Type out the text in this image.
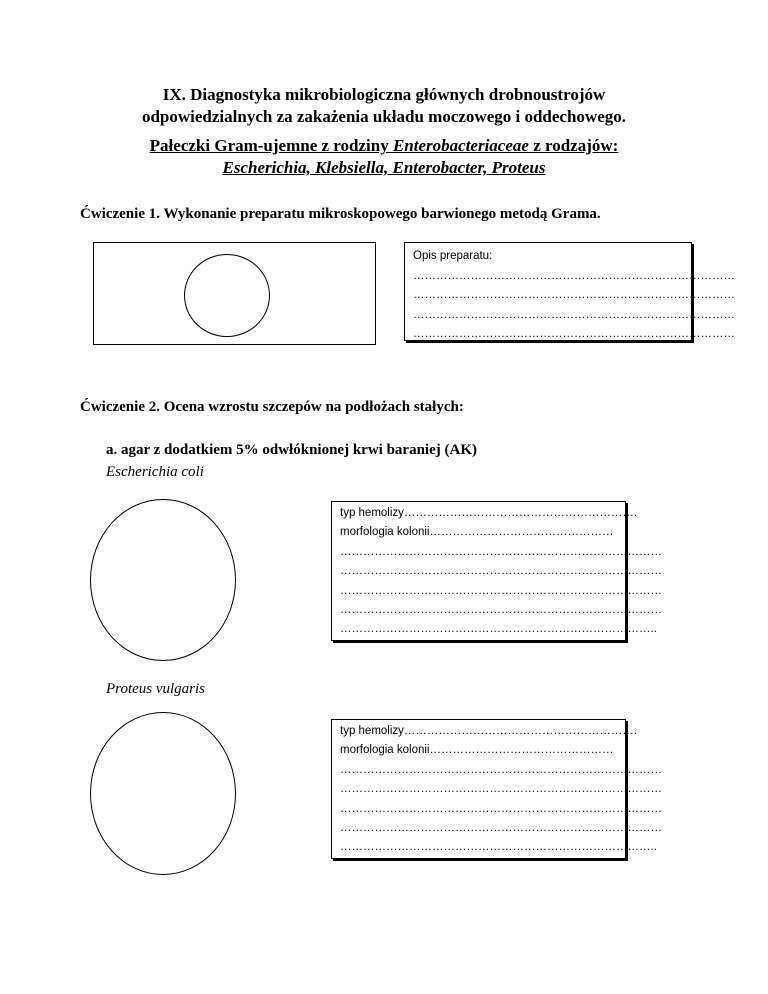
IX. Diagnostyka mikrobiologiczna głównych drobnoustrojów
odpowiedzialnych za zakażenia układu moczowego i oddechowego.
Pałeczki Gram-ujemne z rodziny Enterobacteriaceae z rodzajów:
Escherichia, Klebsiella, Enterobacter, Proteus
Ćwiczenie 1. Wykonanie preparatu mikroskopowego barwionego metodą Grama.
Opis preparatu:
…………………………………………………………………………
…………………………………………………………………………
…………………………………………………………………………
…………………………………………………………………………
Ćwiczenie 2. Ocena wzrostu szczepów na podłożach stałych:
a. agar z dodatkiem 5% odwłóknionej krwi baraniej (AK)
Escherichia coli
typ hemolizy…………………………………………………….
morfologia kolonii…………………………………………
…………………………………………………………………………
…………………………………………………………………………
…………………………………………………………………………
…………………………………………………………………………
………………………………………………………………………..
Proteus vulgaris
typ hemolizy…………………………………………………….
morfologia kolonii…………………………………………
…………………………………………………………………………
…………………………………………………………………………
…………………………………………………………………………
…………………………………………………………………………
………………………………………………………………………..
